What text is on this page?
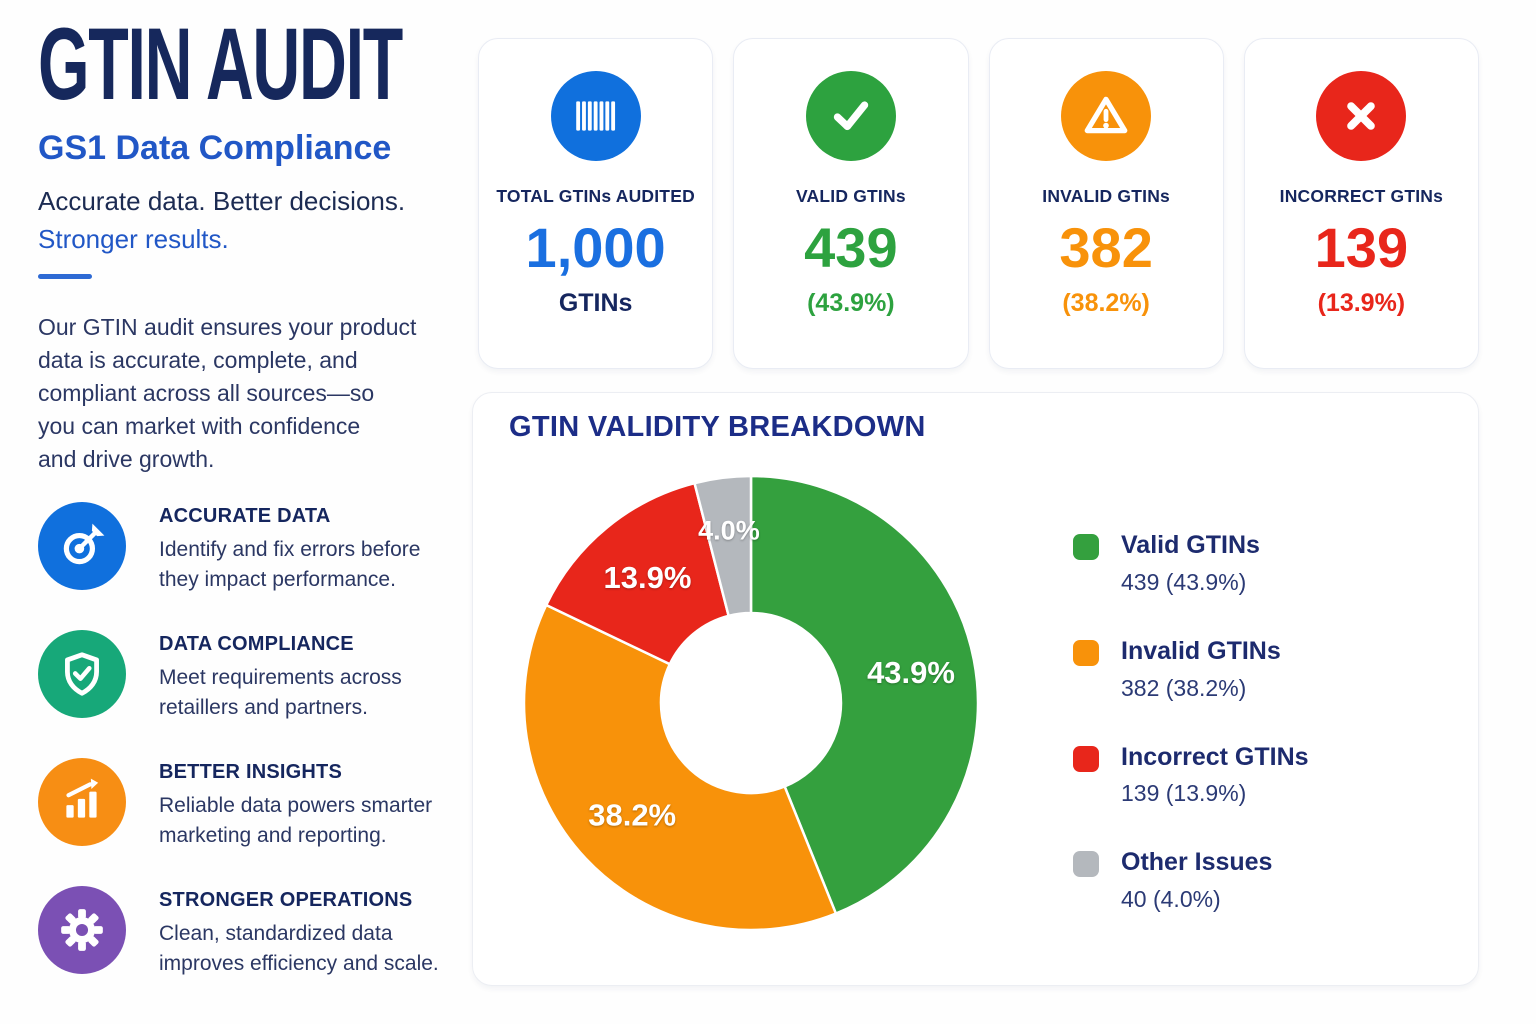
GTIN AUDIT
GS1 Data Compliance

Accurate data. Better decisions.
Stronger results.

Our GTIN audit ensures your product
data is accurate, complete, and
compliant across all sources—so
you can market with confidence
and drive growth.

ACCURATE DATA

Identify and fix errors before
they impact performance.

DATA COMPLIANCE

Meet requirements across
retaillers and partners.

BETTER INSIGHTS

Reliable data powers smarter
marketing and reporting.

STRONGER OPERATIONS

Clean, standardized data
improves efficiency and scale.

TOTAL GTINs AUDITED
1,000
GTINs
VALID GTINs
439
(43.9%)
INVALID GTINs
382
(38.2%)
INCORRECT GTINs
139
(13.9%)
GTIN VALIDITY BREAKDOWN
43.9%
38.2%
13.9%
4.0%	Valid GTINs
439 (43.9%)
Invalid GTINs
382 (38.2%)
Incorrect GTINs
139 (13.9%)
Other Issues
40 (4.0%)
